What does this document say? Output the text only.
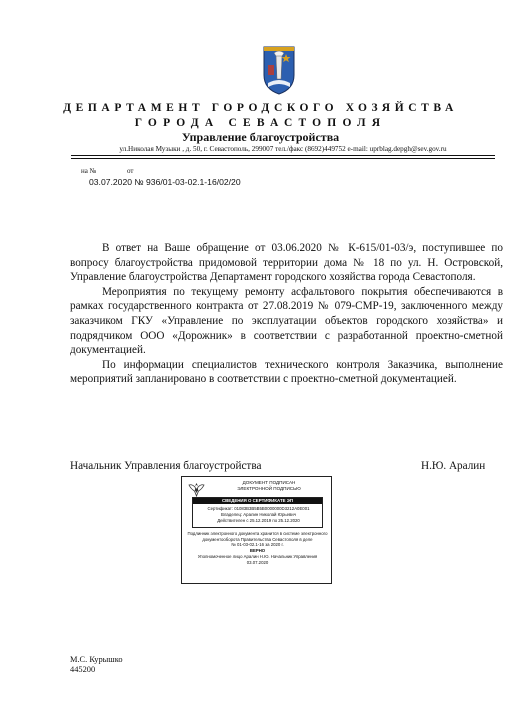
ДЕПАРТАМЕНТ ГОРОДСКОГО ХОЗЯЙСТВА
ГОРОДА СЕВАСТОПОЛЯ
Управление благоустройства
ул.Николая Музыки , д. 50, г. Севастополь, 299007 тел./факс (8692)449752 e-mail: uprblag.depgh@sev.gov.ru
на №	от
03.07.2020 № 936/01-03-02.1-16/02/20

В ответ на Ваше обращение от 03.06.2020 № К-615/01-03/э, поступившее по вопросу благоустройства придомовой территории дома № 18 по ул. Н. Островской, Управление благоустройства Департамент городского хозяйства города Севастополя.

Мероприятия по текущему ремонту асфальтового покрытия обеспечиваются в рамках государственного контракта от 27.08.2019 № 079-СМР-19, заключенного между заказчиком ГКУ «Управление по эксплуатации объектов городского хозяйства» и подрядчиком ООО «Дорожник» в соответствии с разработанной проектно-сметной документацией.

По информации специалистов технического контроля Заказчика, выполнение мероприятий запланировано в соответствии с проектно-сметной документацией.

Начальник Управления благоустройства	Н.Ю. Аралин
ДОКУМЕНТ ПОДПИСАН
ЭЛЕКТРОННОЙ ПОДПИСЬЮ
СВЕДЕНИЯ О СЕРТИФИКАТЕ ЭП
Сертификат: 01083B3B5B5B0000000D3212A0E001
Владелец: Аралин Николай Юрьевич
Действителен с 25.12.2019 по 25.12.2020
Подлинник электронного документа хранится в системе электронного
документооборота Правительства Севастополя в деле
№ 01-03-02.1-16 за 2020 г.
ВЕРНО
Уполномоченное лицо Аралин Н.Ю. Начальник Управления
03.07.2020
М.С. Курышко
445200
